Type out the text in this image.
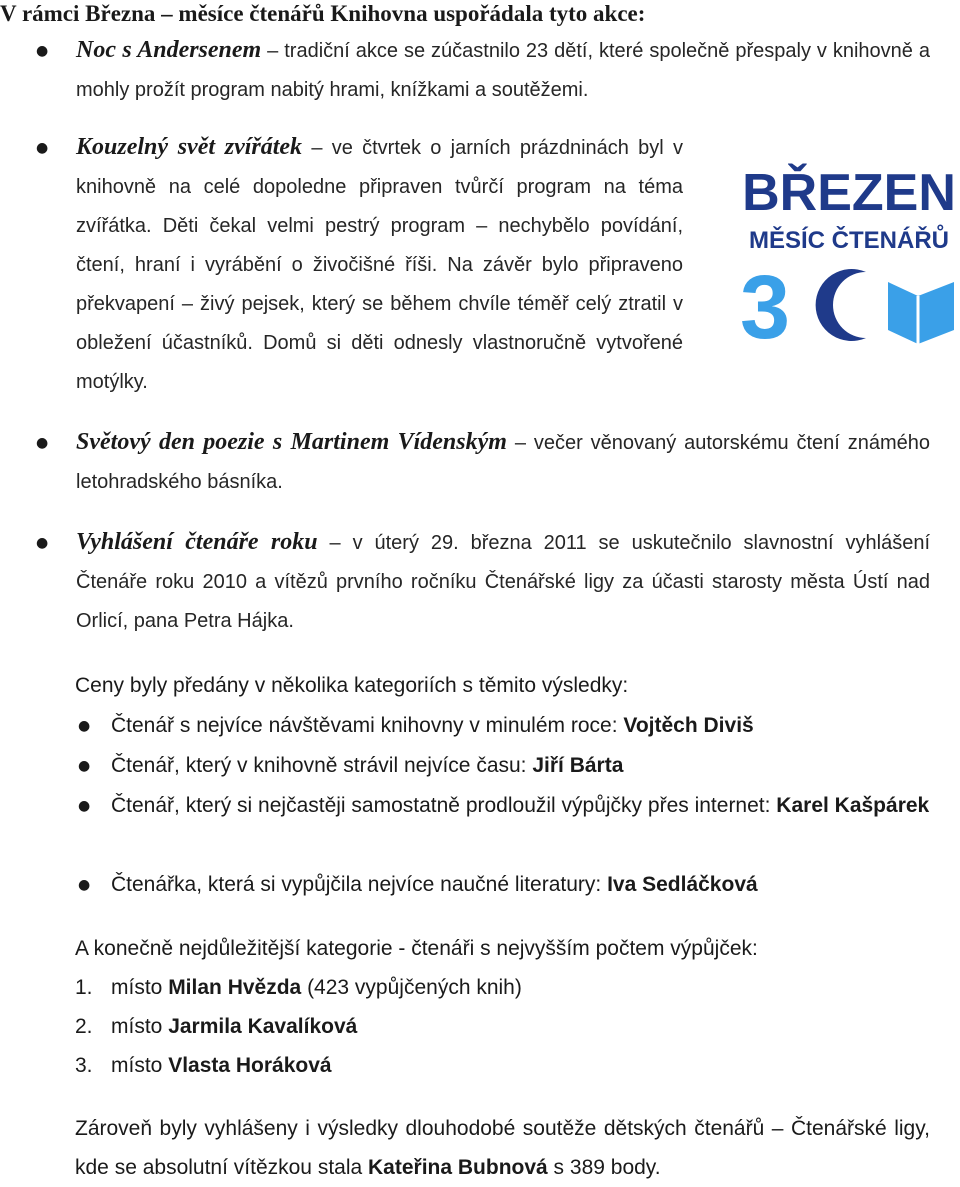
V rámci Března – měsíce čtenářů Knihovna uspořádala tyto akce:
● Noc s Andersenem – tradiční akce se zúčastnilo 23 dětí, které společně přespaly v knihovně a mohly prožít program nabitý hrami, knížkami a soutěžemi.
● Kouzelný svět zvířátek – ve čtvrtek o jarních prázdninách byl v knihovně na celé dopoledne připraven tvůrčí program na téma zvířátka. Děti čekal velmi pestrý program – nechybělo povídání, čtení, hraní i vyrábění o živočišné říši. Na závěr bylo připraveno překvapení – živý pejsek, který se během chvíle téměř celý ztratil v obležení účastníků. Domů si děti odnesly vlastnoručně vytvořené motýlky.
BŘEZEN
MĚSÍC ČTENÁŘŮ
3
● Světový den poezie s Martinem Vídenským – večer věnovaný autorskému čtení známého letohradského básníka.
● Vyhlášení čtenáře roku – v úterý 29. března 2011 se uskutečnilo slavnostní vyhlášení Čtenáře roku 2010 a vítězů prvního ročníku Čtenářské ligy za účasti starosty města Ústí nad Orlicí, pana Petra Hájka.
Ceny byly předány v několika kategoriích s těmito výsledky:
● Čtenář s nejvíce návštěvami knihovny v minulém roce: Vojtěch Diviš
● Čtenář, který v knihovně strávil nejvíce času: Jiří Bárta
● Čtenář, který si nejčastěji samostatně prodloužil výpůjčky přes internet: Karel Kašpárek
● Čtenářka, která si vypůjčila nejvíce naučné literatury: Iva Sedláčková
A konečně nejdůležitější kategorie - čtenáři s nejvyšším počtem výpůjček:
1. místo Milan Hvězda (423 vypůjčených knih)
2. místo Jarmila Kavalíková
3. místo Vlasta Horáková
Zároveň byly vyhlášeny i výsledky dlouhodobé soutěže dětských čtenářů – Čtenářské ligy, kde se absolutní vítězkou stala Kateřina Bubnová s 389 body.
